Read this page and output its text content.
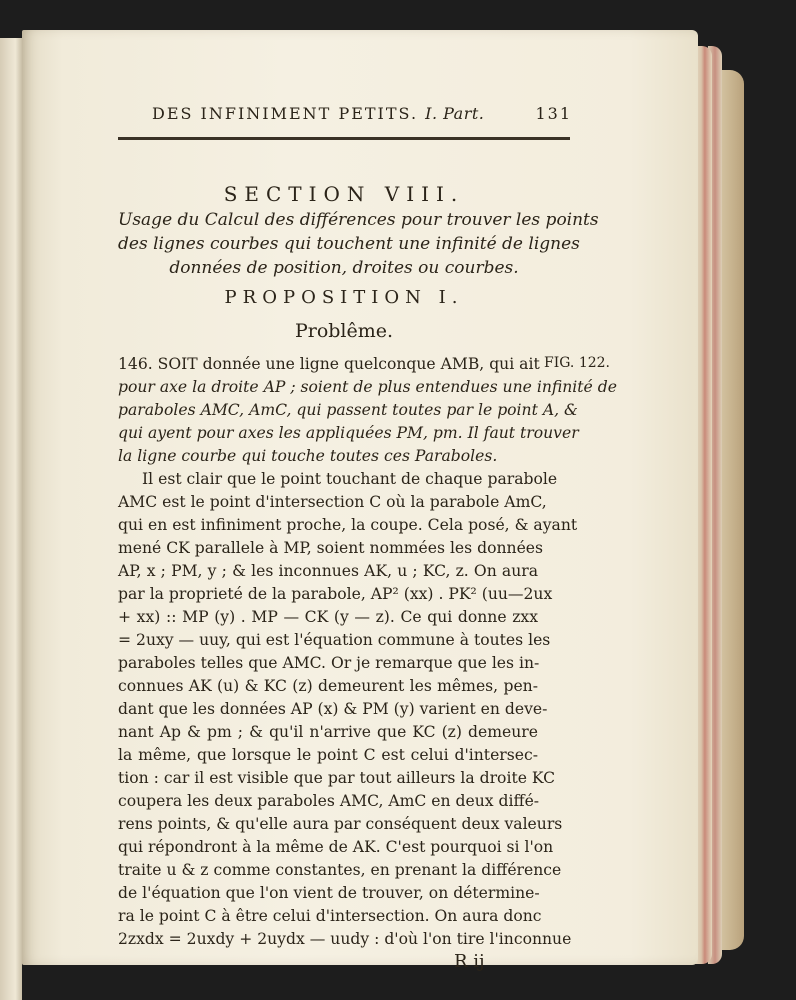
DES INFINIMENT PETITS. I. Part.	131
SECTION VIII.
Usage du Calcul des différences pour trouver les points
des lignes courbes qui touchent une infinité de lignes
données de position, droites ou courbes.
PROPOSITION I.
Problême.
FIG. 122.
146. SOIT donnée une ligne quelconque AMB, qui ait
pour axe la droite AP ; soient de plus entendues une infinité de
paraboles AMC, AmC, qui passent toutes par le point A, &
qui ayent pour axes les appliquées PM, pm. Il faut trouver
la ligne courbe qui touche toutes ces Paraboles.
Il est clair que le point touchant de chaque parabole
AMC est le point d'intersection C où la parabole AmC,
qui en est infiniment proche, la coupe. Cela posé, & ayant
mené CK parallele à MP, soient nommées les données
AP, x ; PM, y ; & les inconnues AK, u ; KC, z. On aura
par la proprieté de la parabole, AP² (xx) . PK² (uu—2ux
+ xx) :: MP (y) . MP — CK (y — z). Ce qui donne zxx
= 2uxy — uuy, qui est l'équation commune à toutes les
paraboles telles que AMC. Or je remarque que les in-
connues AK (u) & KC (z) demeurent les mêmes, pen-
dant que les données AP (x) & PM (y) varient en deve-
nant Ap & pm ; & qu'il n'arrive que KC (z) demeure
la même, que lorsque le point C est celui d'intersec-
tion : car il est visible que par tout ailleurs la droite KC
coupera les deux paraboles AMC, AmC en deux diffé-
rens points, & qu'elle aura par conséquent deux valeurs
qui répondront à la même de AK. C'est pourquoi si l'on
traite u & z comme constantes, en prenant la différence
de l'équation que l'on vient de trouver, on détermine-
ra le point C à être celui d'intersection. On aura donc
2zxdx = 2uxdy + 2uydx — uudy : d'où l'on tire l'inconnue
R ij
